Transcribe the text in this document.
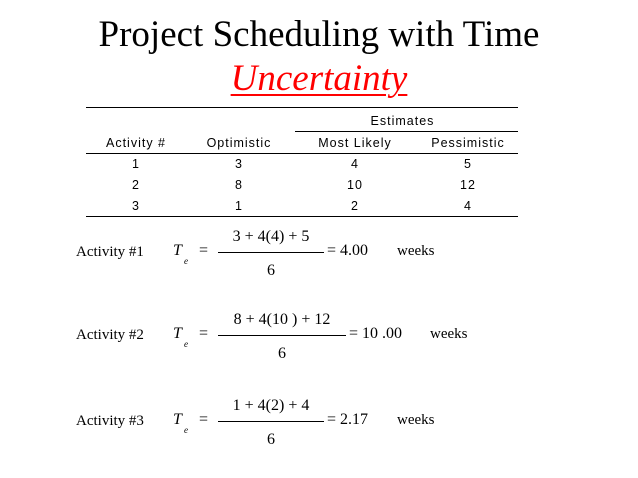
Project Scheduling with Time
Uncertainty
Estimates
Activity #	Optimistic	Most Likely	Pessimistic
1	3	4	5
2	8	10	12
3	1	2	4
Activity #1 T
e
=
3 + 4(4) + 5
6
= 4.00 weeks
Activity #2 T
e
=
8 + 4(10 ) + 12
6
= 10 .00 weeks
Activity #3 T
e
=
1 + 4(2) + 4
6
= 2.17 weeks
